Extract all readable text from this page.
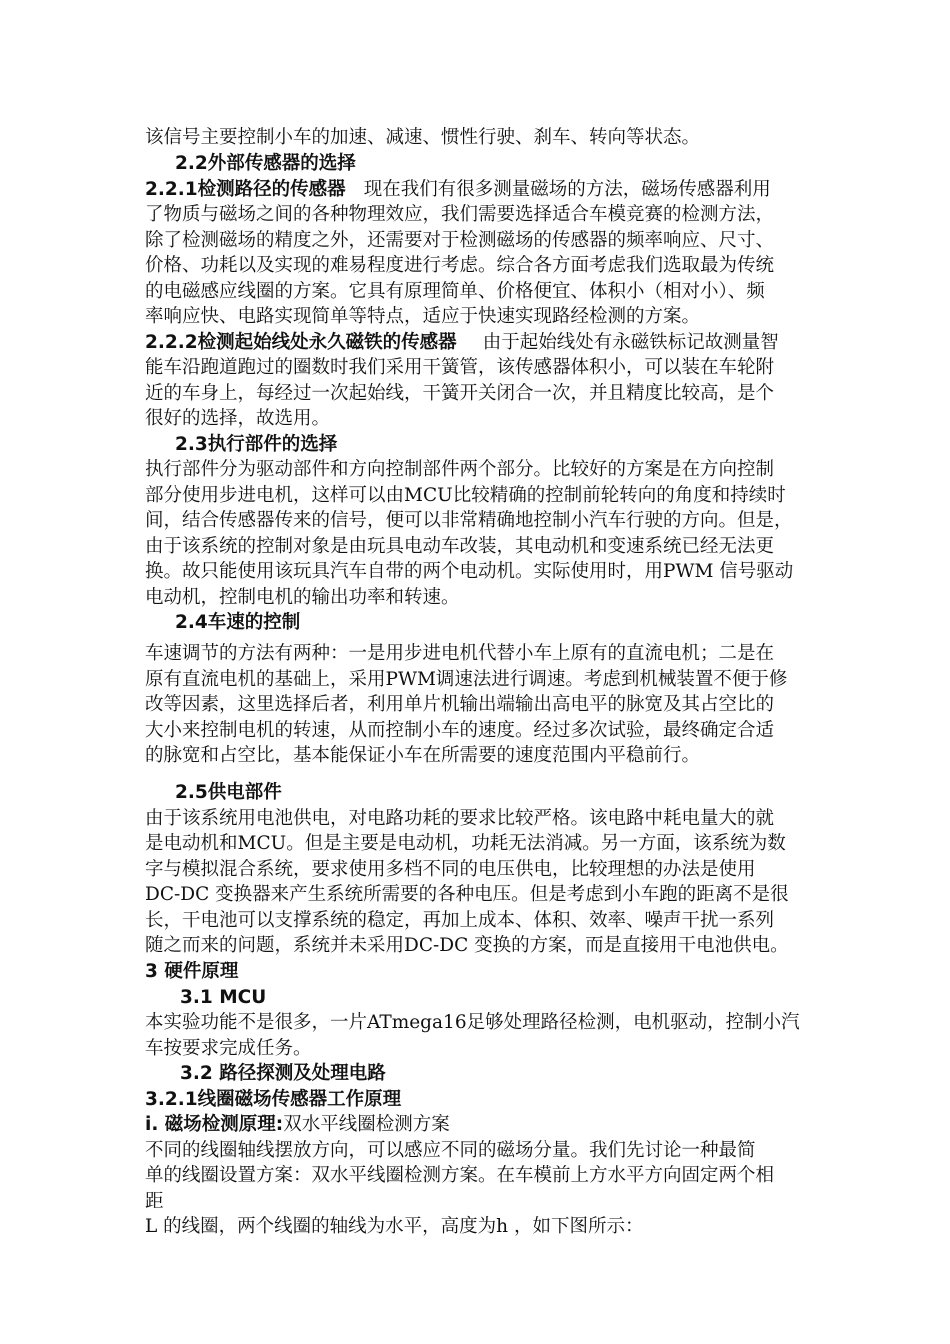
该信号主要控制小车的加速、减速、惯性行驶、刹车、转向等状态。
2.2外部传感器的选择
2.2.1检测路径的传感器 现在我们有很多测量磁场的方法，磁场传感器利用
了物质与磁场之间的各种物理效应，我们需要选择适合车模竞赛的检测方法，
除了检测磁场的精度之外，还需要对于检测磁场的传感器的频率响应、尺寸、
价格、功耗以及实现的难易程度进行考虑。综合各方面考虑我们选取最为传统
的电磁感应线圈的方案。它具有原理简单、价格便宜、体积小（相对小）、频
率响应快、电路实现简单等特点，适应于快速实现路经检测的方案。
2.2.2检测起始线处永久磁铁的传感器 由于起始线处有永磁铁标记故测量智
能车沿跑道跑过的圈数时我们采用干簧管，该传感器体积小，可以装在车轮附
近的车身上，每经过一次起始线，干簧开关闭合一次，并且精度比较高，是个
很好的选择，故选用。
2.3执行部件的选择
执行部件分为驱动部件和方向控制部件两个部分。比较好的方案是在方向控制
部分使用步进电机，这样可以由MCU比较精确的控制前轮转向的角度和持续时
间，结合传感器传来的信号，便可以非常精确地控制小汽车行驶的方向。但是，
由于该系统的控制对象是由玩具电动车改装，其电动机和变速系统已经无法更
换。故只能使用该玩具汽车自带的两个电动机。实际使用时，用PWM 信号驱动
电动机，控制电机的输出功率和转速。
2.4车速的控制
车速调节的方法有两种：一是用步进电机代替小车上原有的直流电机；二是在
原有直流电机的基础上，采用PWM调速法进行调速。考虑到机械装置不便于修
改等因素，这里选择后者，利用单片机输出端输出高电平的脉宽及其占空比的
大小来控制电机的转速，从而控制小车的速度。经过多次试验，最终确定合适
的脉宽和占空比，基本能保证小车在所需要的速度范围内平稳前行。
2.5供电部件
由于该系统用电池供电，对电路功耗的要求比较严格。该电路中耗电量大的就
是电动机和MCU。但是主要是电动机，功耗无法消减。另一方面，该系统为数
字与模拟混合系统，要求使用多档不同的电压供电，比较理想的办法是使用
DC-DC 变换器来产生系统所需要的各种电压。但是考虑到小车跑的距离不是很
长，干电池可以支撑系统的稳定，再加上成本、体积、效率、噪声干扰一系列
随之而来的问题，系统并未采用DC-DC 变换的方案，而是直接用干电池供电。
3 硬件原理
3.1 MCU
本实验功能不是很多，一片ATmega16足够处理路径检测，电机驱动，控制小汽
车按要求完成任务。
3.2 路径探测及处理电路
3.2.1线圈磁场传感器工作原理
i. 磁场检测原理:双水平线圈检测方案
不同的线圈轴线摆放方向，可以感应不同的磁场分量。我们先讨论一种最简
单的线圈设置方案：双水平线圈检测方案。在车模前上方水平方向固定两个相
距
L 的线圈，两个线圈的轴线为水平，高度为h ，如下图所示：
